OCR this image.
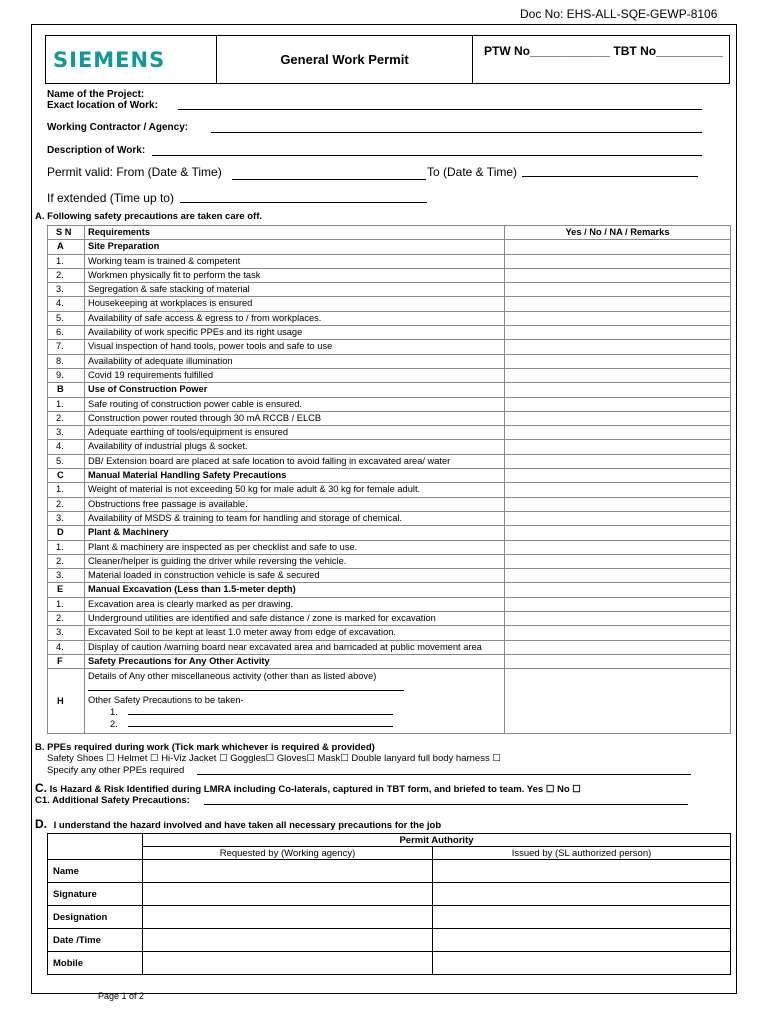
Doc No: EHS-ALL-SQE-GEWP-8106
SIEMENS	General Work Permit
PTW No____________ TBT No__________
Name of the Project:
Exact location of Work:
Working Contractor / Agency:
Description of Work:
Permit valid: From (Date & Time)	To (Date & Time)
If extended (Time up to)
A. Following safety precautions are taken care off.
S N	Requirements	Yes / No / NA / Remarks
A	Site Preparation	
1.	Working team is trained & competent	
2.	Workmen physically fit to perform the task	
3.	Segregation & safe stacking of material	
4.	Housekeeping at workplaces is ensured	
5.	Availability of safe access & egress to / from workplaces.	
6.	Availability of work specific PPEs and its right usage	
7.	Visual inspection of hand tools, power tools and safe to use	
8.	Availability of adequate illumination	
9.	Covid 19 requirements fulfilled	
B	Use of Construction Power	
1.	Safe routing of construction power cable is ensured.	
2.	Construction power routed through 30 mA RCCB / ELCB	
3.	Adequate earthing of tools/equipment is ensured	
4.	Availability of industrial plugs & socket.	
5.	DB/ Extension board are placed at safe location to avoid falling in excavated area/ water	
C	Manual Material Handling Safety Precautions	
1.	Weight of material is not exceeding 50 kg for male adult & 30 kg for female adult.	
2.	Obstructions free passage is available.	
3.	Availability of MSDS & training to team for handling and storage of chemical.	
D	Plant & Machinery	
1.	Plant & machinery are inspected as per checklist and safe to use.	
2.	Cleaner/helper is guiding the driver while reversing the vehicle.	
3.	Material loaded in construction vehicle is safe & secured	
E	Manual Excavation (Less than 1.5-meter depth)	
1.	Excavation area is clearly marked as per drawing.	
2.	Underground utilities are identified and safe distance / zone is marked for excavation	
3.	Excavated Soil to be kept at least 1.0 meter away from edge of excavation.	
4.	Display of caution /warning board near excavated area and barricaded at public movement area	
F	Safety Precautions for Any Other Activity	
H	Details of Any other miscellaneous activity (other than as listed above)
Other Safety Precautions to be taken-
1.
2.	

B. PPEs required during work (Tick mark whichever is required & provided)
Safety Shoes ☐ Helmet ☐ Hi-Viz Jacket ☐ Goggles☐ Gloves☐ Mask☐ Double lanyard full body harness ☐
Specify any other PPEs required
C. Is Hazard & Risk Identified during LMRA including Co-laterals, captured in TBT form, and briefed to team. Yes ☐ No ☐
C1. Additional Safety Precautions:
D. I understand the hazard involved and have taken all necessary precautions for the job
	Permit Authority	
	Requested by (Working agency)	Issued by (SL authorized person)
Name		
Signature		
Designation		
Date /Time		
Mobile		
Page 1 of 2
